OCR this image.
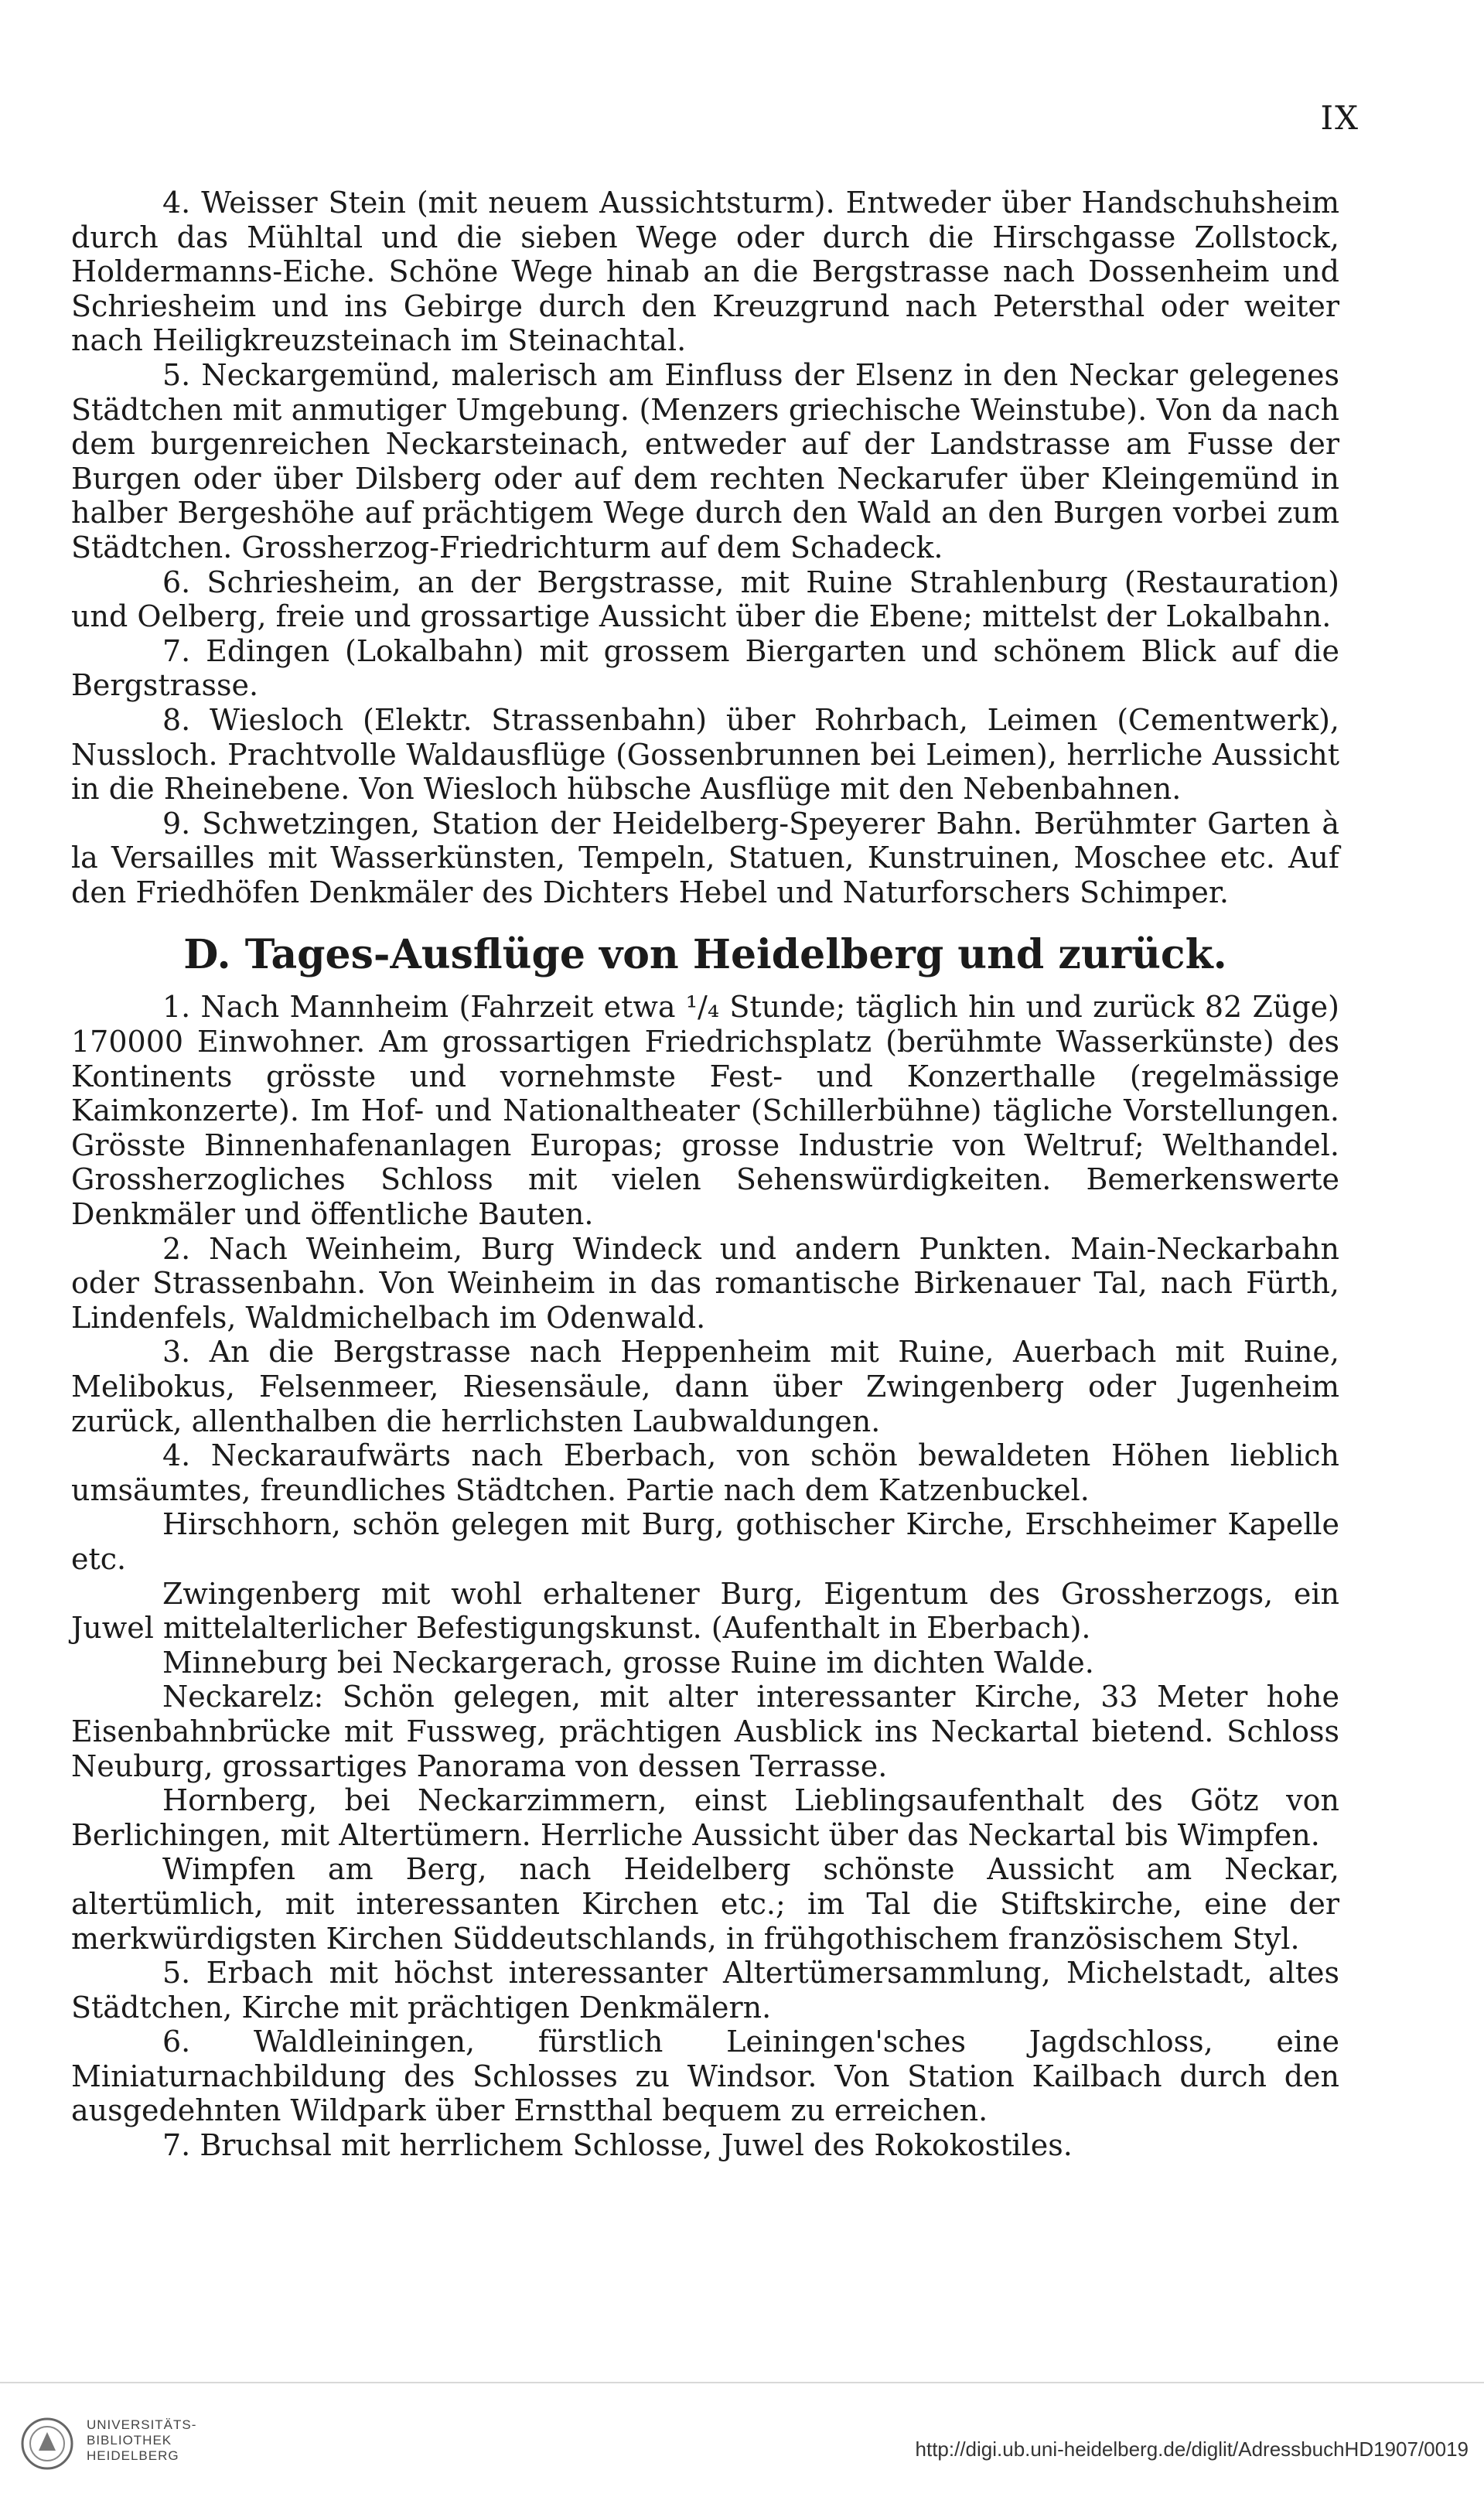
IX

4. Weisser Stein (mit neuem Aussichtsturm). Entweder über Handschuhsheim durch das Mühltal und die sieben Wege oder durch die Hirschgasse Zollstock, Holdermanns-Eiche. Schöne Wege hinab an die Bergstrasse nach Dossenheim und Schriesheim und ins Gebirge durch den Kreuzgrund nach Petersthal oder weiter nach Heiligkreuzsteinach im Steinachtal.

5. Neckargemünd, malerisch am Einfluss der Elsenz in den Neckar gelegenes Städtchen mit anmutiger Umgebung. (Menzers griechische Weinstube). Von da nach dem burgenreichen Neckarsteinach, entweder auf der Landstrasse am Fusse der Burgen oder über Dilsberg oder auf dem rechten Neckarufer über Kleingemünd in halber Bergeshöhe auf prächtigem Wege durch den Wald an den Burgen vorbei zum Städtchen. Grossherzog-Friedrichturm auf dem Schadeck.

6. Schriesheim, an der Bergstrasse, mit Ruine Strahlenburg (Restauration) und Oelberg, freie und grossartige Aussicht über die Ebene; mittelst der Lokalbahn.

7. Edingen (Lokalbahn) mit grossem Biergarten und schönem Blick auf die Bergstrasse.

8. Wiesloch (Elektr. Strassenbahn) über Rohrbach, Leimen (Cementwerk), Nussloch. Prachtvolle Waldausflüge (Gossenbrunnen bei Leimen), herrliche Aussicht in die Rheinebene. Von Wiesloch hübsche Ausflüge mit den Nebenbahnen.

9. Schwetzingen, Station der Heidelberg-Speyerer Bahn. Berühmter Garten à la Versailles mit Wasserkünsten, Tempeln, Statuen, Kunstruinen, Moschee etc. Auf den Friedhöfen Denkmäler des Dichters Hebel und Naturforschers Schimper.

D. Tages-Ausflüge von Heidelberg und zurück.

1. Nach Mannheim (Fahrzeit etwa ¹/₄ Stunde; täglich hin und zurück 82 Züge) 170000 Einwohner. Am grossartigen Friedrichsplatz (berühmte Wasserkünste) des Kontinents grösste und vornehmste Fest- und Konzerthalle (regelmässige Kaimkonzerte). Im Hof- und Nationaltheater (Schillerbühne) tägliche Vorstellungen. Grösste Binnenhafenanlagen Europas; grosse Industrie von Weltruf; Welthandel. Grossherzogliches Schloss mit vielen Sehenswürdigkeiten. Bemerkenswerte Denkmäler und öffentliche Bauten.

2. Nach Weinheim, Burg Windeck und andern Punkten. Main-Neckarbahn oder Strassenbahn. Von Weinheim in das romantische Birkenauer Tal, nach Fürth, Lindenfels, Waldmichelbach im Odenwald.

3. An die Bergstrasse nach Heppenheim mit Ruine, Auerbach mit Ruine, Melibokus, Felsenmeer, Riesensäule, dann über Zwingenberg oder Jugenheim zurück, allenthalben die herrlichsten Laubwaldungen.

4. Neckaraufwärts nach Eberbach, von schön bewaldeten Höhen lieblich umsäumtes, freundliches Städtchen. Partie nach dem Katzenbuckel.

Hirschhorn, schön gelegen mit Burg, gothischer Kirche, Erschheimer Kapelle etc.

Zwingenberg mit wohl erhaltener Burg, Eigentum des Grossherzogs, ein Juwel mittelalterlicher Befestigungskunst. (Aufenthalt in Eberbach).

Minneburg bei Neckargerach, grosse Ruine im dichten Walde.

Neckarelz: Schön gelegen, mit alter interessanter Kirche, 33 Meter hohe Eisenbahnbrücke mit Fussweg, prächtigen Ausblick ins Neckartal bietend. Schloss Neuburg, grossartiges Panorama von dessen Terrasse.

Hornberg, bei Neckarzimmern, einst Lieblingsaufenthalt des Götz von Berlichingen, mit Altertümern. Herrliche Aussicht über das Neckartal bis Wimpfen.

Wimpfen am Berg, nach Heidelberg schönste Aussicht am Neckar, altertümlich, mit interessanten Kirchen etc.; im Tal die Stiftskirche, eine der merkwürdigsten Kirchen Süddeutschlands, in frühgothischem französischem Styl.

5. Erbach mit höchst interessanter Altertümersammlung, Michelstadt, altes Städtchen, Kirche mit prächtigen Denkmälern.

6. Waldleiningen, fürstlich Leiningen'sches Jagdschloss, eine Miniaturnachbildung des Schlosses zu Windsor. Von Station Kailbach durch den ausgedehnten Wildpark über Ernstthal bequem zu erreichen.

7. Bruchsal mit herrlichem Schlosse, Juwel des Rokokostiles.

UNIVERSITÄTS-
BIBLIOTHEK
HEIDELBERG	http://digi.ub.uni-heidelberg.de/diglit/AdressbuchHD1907/0019
